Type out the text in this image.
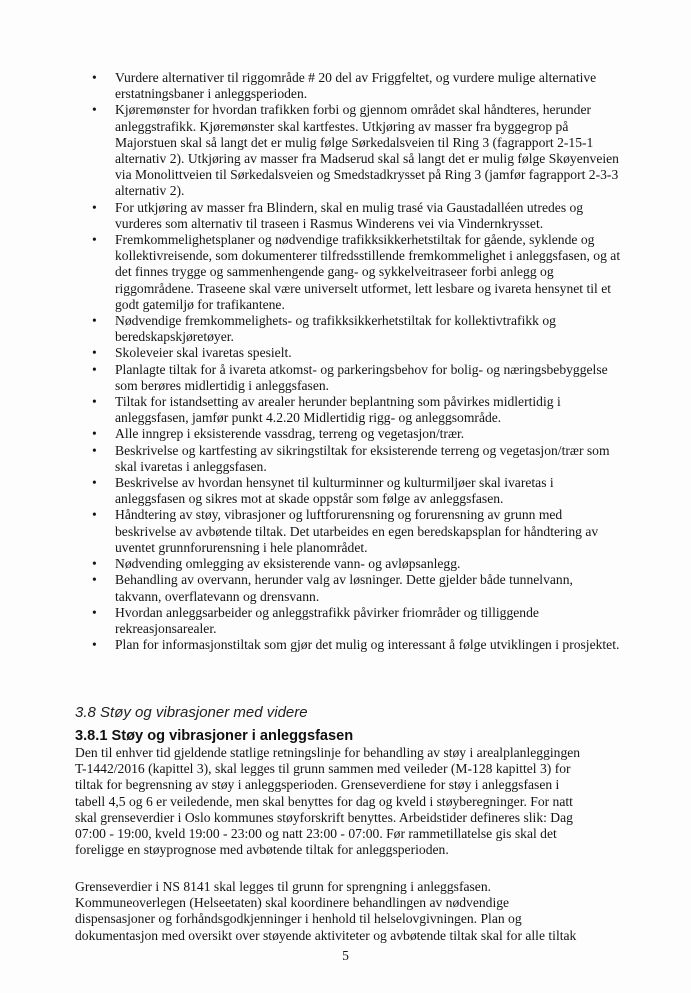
• Vurdere alternativer til riggområde # 20 del av Friggfeltet, og vurdere mulige alternative erstatningsbaner i anleggsperioden.

• Kjøremønster for hvordan trafikken forbi og gjennom området skal håndteres, herunder anleggstrafikk. Kjøremønster skal kartfestes. Utkjøring av masser fra byggegrop på Majorstuen skal så langt det er mulig følge Sørkedalsveien til Ring 3 (fagrapport 2-15-1 alternativ 2). Utkjøring av masser fra Madserud skal så langt det er mulig følge Skøyenveien via Monolittveien til Sørkedalsveien og Smedstadkrysset på Ring 3 (jamfør fagrapport 2-3-3 alternativ 2).

• For utkjøring av masser fra Blindern, skal en mulig trasé via Gaustadalléen utredes og vurderes som alternativ til traseen i Rasmus Winderens vei via Vindernkrysset.

• Fremkommelighetsplaner og nødvendige trafikksikkerhetstiltak for gående, syklende og kollektivreisende, som dokumenterer tilfredsstillende fremkommelighet i anleggsfasen, og at det finnes trygge og sammenhengende gang- og sykkelveitraseer forbi anlegg og riggområdene. Traseene skal være universelt utformet, lett lesbare og ivareta hensynet til et godt gatemiljø for trafikantene.

• Nødvendige fremkommelighets- og trafikksikkerhetstiltak for kollektivtrafikk og beredskapskjøretøyer.

• Skoleveier skal ivaretas spesielt.

• Planlagte tiltak for å ivareta atkomst- og parkeringsbehov for bolig- og næringsbebyggelse som berøres midlertidig i anleggsfasen.

• Tiltak for istandsetting av arealer herunder beplantning som påvirkes midlertidig i anleggsfasen, jamfør punkt 4.2.20 Midlertidig rigg- og anleggsområde.

• Alle inngrep i eksisterende vassdrag, terreng og vegetasjon/trær.

• Beskrivelse og kartfesting av sikringstiltak for eksisterende terreng og vegetasjon/trær som skal ivaretas i anleggsfasen.

• Beskrivelse av hvordan hensynet til kulturminner og kulturmiljøer skal ivaretas i anleggsfasen og sikres mot at skade oppstår som følge av anleggsfasen.

• Håndtering av støy, vibrasjoner og luftforurensning og forurensning av grunn med beskrivelse av avbøtende tiltak. Det utarbeides en egen beredskapsplan for håndtering av uventet grunnforurensning i hele planområdet.

• Nødvending omlegging av eksisterende vann- og avløpsanlegg.

• Behandling av overvann, herunder valg av løsninger. Dette gjelder både tunnelvann, takvann, overflatevann og drensvann.

• Hvordan anleggsarbeider og anleggstrafikk påvirker friområder og tilliggende rekreasjonsarealer.

• Plan for informasjonstiltak som gjør det mulig og interessant å følge utviklingen i prosjektet.

3.8 Støy og vibrasjoner med videre
3.8.1 Støy og vibrasjoner i anleggsfasen
Den til enhver tid gjeldende statlige retningslinje for behandling av støy i arealplanleggingen
T-1442/2016 (kapittel 3), skal legges til grunn sammen med veileder (M-128 kapittel 3) for
tiltak for begrensning av støy i anleggsperioden. Grenseverdiene for støy i anleggsfasen i
tabell 4,5 og 6 er veiledende, men skal benyttes for dag og kveld i støyberegninger. For natt
skal grenseverdier i Oslo kommunes støyforskrift benyttes. Arbeidstider defineres slik: Dag
07:00 - 19:00, kveld 19:00 - 23:00 og natt 23:00 - 07:00. Før rammetillatelse gis skal det
foreligge en støyprognose med avbøtende tiltak for anleggsperioden.
Grenseverdier i NS 8141 skal legges til grunn for sprengning i anleggsfasen.
Kommuneoverlegen (Helseetaten) skal koordinere behandlingen av nødvendige
dispensasjoner og forhåndsgodkjenninger i henhold til helselovgivningen. Plan og
dokumentasjon med oversikt over støyende aktiviteter og avbøtende tiltak skal for alle tiltak
5
